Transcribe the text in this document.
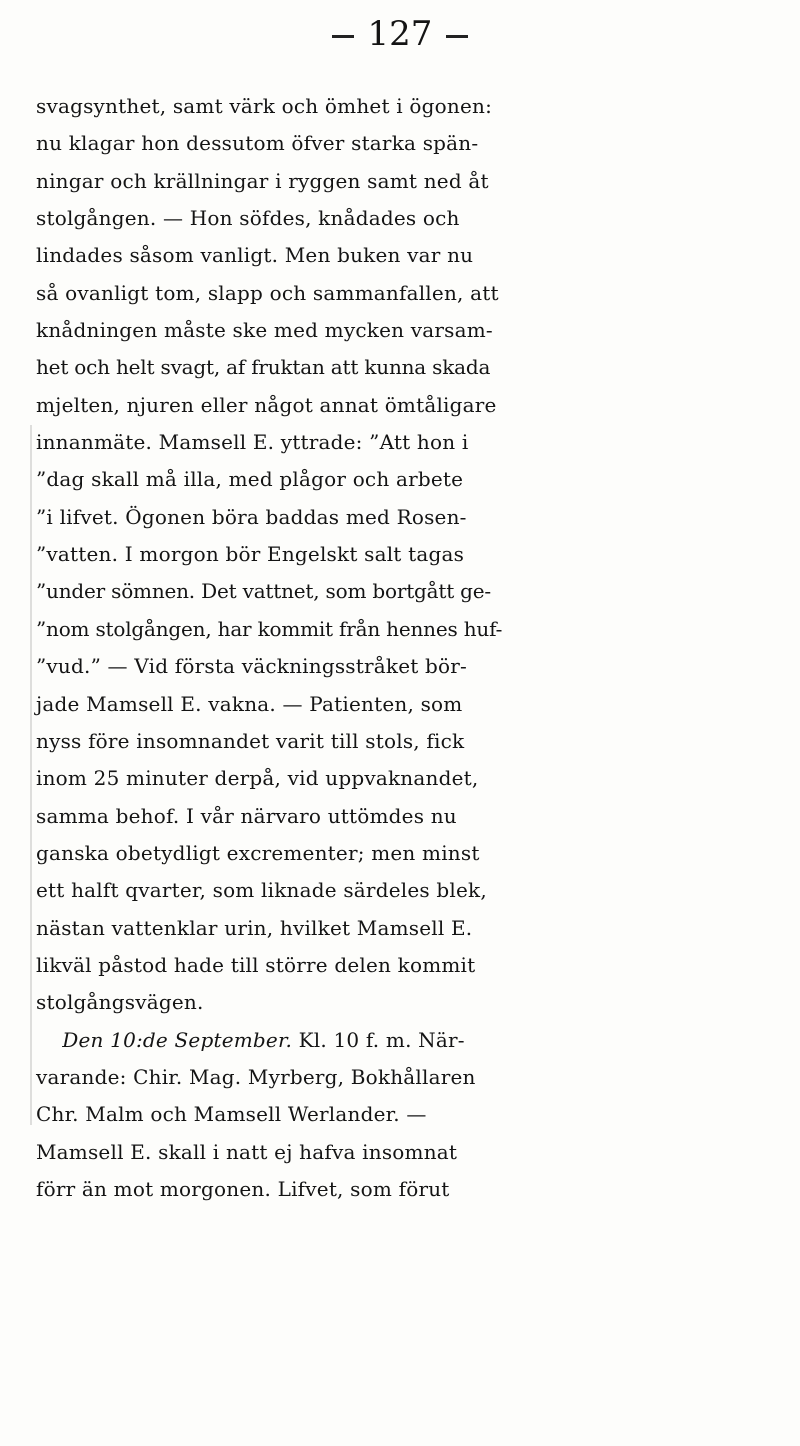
127
svagsynthet, samt värk och ömhet i ögonen:
nu klagar hon dessutom öfver starka spän-
ningar och krällningar i ryggen samt ned åt
stolgången. — Hon söfdes, knådades och
lindades såsom vanligt. Men buken var nu
så ovanligt tom, slapp och sammanfallen, att
knådningen måste ske med mycken varsam-
het och helt svagt, af fruktan att kunna skada
mjelten, njuren eller något annat ömtåligare
innanmäte. Mamsell E. yttrade: ”Att hon i
”dag skall må illa, med plågor och arbete
”i lifvet. Ögonen böra baddas med Rosen-
”vatten. I morgon bör Engelskt salt tagas
”under sömnen. Det vattnet, som bortgått ge-
”nom stolgången, har kommit från hennes huf-
”vud.” — Vid första väckningsstråket bör-
jade Mamsell E. vakna. — Patienten, som
nyss före insomnandet varit till stols, fick
inom 25 minuter derpå, vid uppvaknandet,
samma behof. I vår närvaro uttömdes nu
ganska obetydligt excrementer; men minst
ett halft qvarter, som liknade särdeles blek,
nästan vattenklar urin, hvilket Mamsell E.
likväl påstod hade till större delen kommit
stolgångsvägen.
Den 10:de September. Kl. 10 f. m. När-
varande: Chir. Mag. Myrberg, Bokhållaren
Chr. Malm och Mamsell Werlander. —
Mamsell E. skall i natt ej hafva insomnat
förr än mot morgonen. Lifvet, som förut
